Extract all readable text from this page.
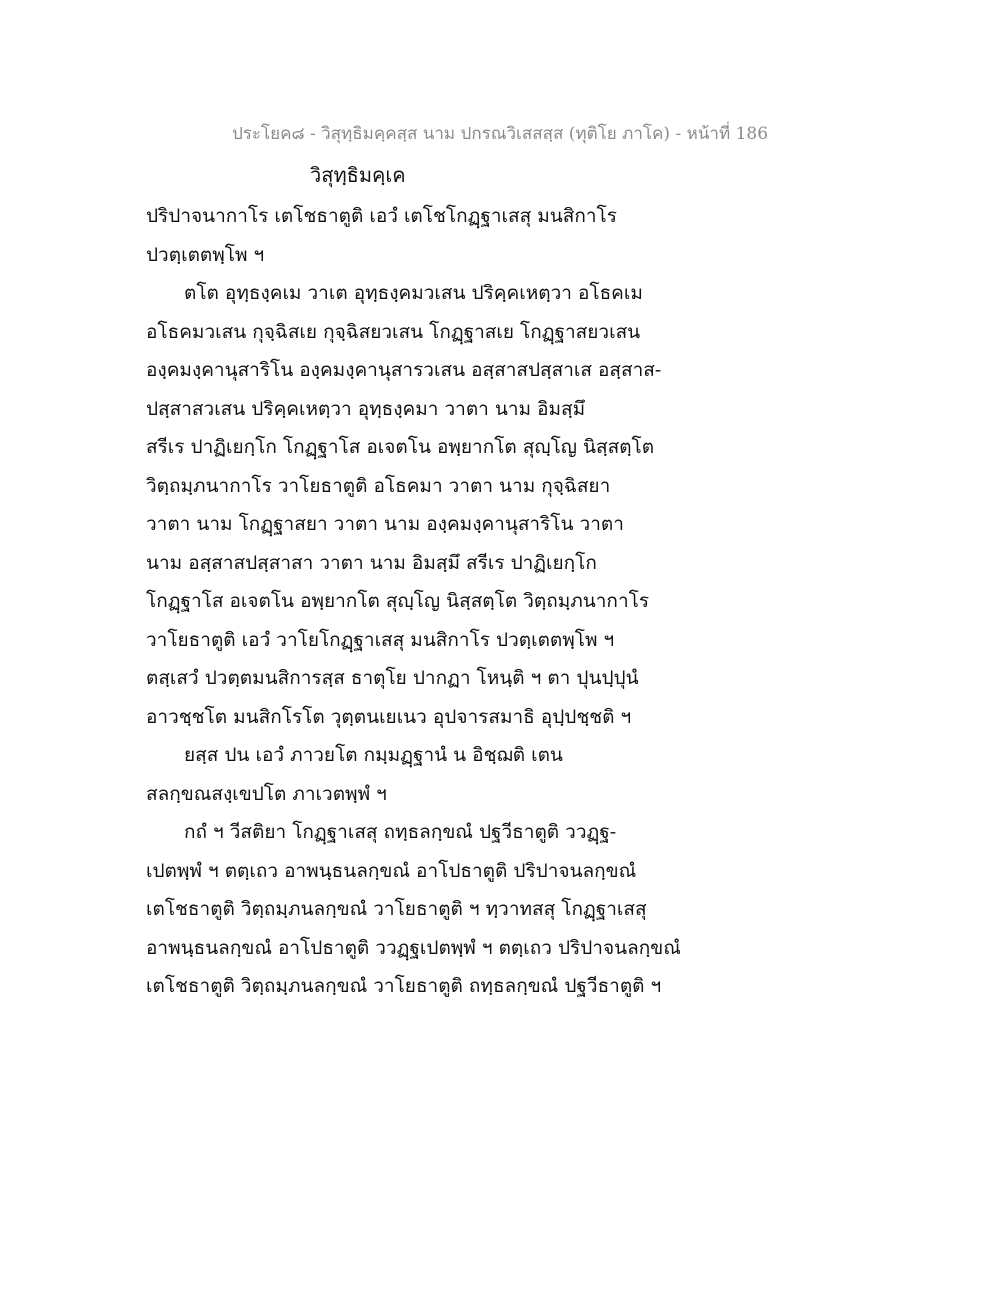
ประโยค๘ - วิสุทฺธิมคฺคสฺส นาม ปกรณวิเสสสฺส (ทุติโย ภาโค) - หน้าที่ 186
วิสุทฺธิมคฺเค
ปริปาจนากาโร เตโชธาตูติ เอวํ เตโชโกฏฺฐาเสสุ มนสิกาโร
ปวตฺเตตพฺโพ ฯ
ตโต อุทฺธงฺคเม วาเต อุทฺธงฺคมวเสน ปริคฺคเหตฺวา อโธคเม
อโธคมวเสน กุจฺฉิสเย กุจฺฉิสยวเสน โกฏฺฐาสเย โกฏฺฐาสยวเสน
องฺคมงฺคานุสาริโน องฺคมงฺคานุสารวเสน อสฺสาสปสฺสาเส อสฺสาส-
ปสฺสาสวเสน ปริคฺคเหตฺวา อุทฺธงฺคมา วาตา นาม อิมสฺมึ
สรีเร ปาฏิเยกฺโก โกฏฺฐาโส อเจตโน อพฺยากโต สุญฺโญ นิสฺสตฺโต
วิตฺถมฺภนากาโร วาโยธาตูติ อโธคมา วาตา นาม กุจฺฉิสยา
วาตา นาม โกฏฺฐาสยา วาตา นาม องฺคมงฺคานุสาริโน วาตา
นาม อสฺสาสปสฺสาสา วาตา นาม อิมสฺมึ สรีเร ปาฏิเยกฺโก
โกฏฺฐาโส อเจตโน อพฺยากโต สุญฺโญ นิสฺสตฺโต วิตฺถมฺภนากาโร
วาโยธาตูติ เอวํ วาโยโกฏฺฐาเสสุ มนสิกาโร ปวตฺเตตพฺโพ ฯ
ตสฺเสวํ ปวตฺตมนสิการสฺส ธาตุโย ปากฏา โหนฺติ ฯ ตา ปุนปฺปุนํ
อาวชฺชโต มนสิกโรโต วุตฺตนเยเนว อุปจารสมาธิ อุปฺปชฺชติ ฯ
ยสฺส ปน เอวํ ภาวยโต กมฺมฏฺฐานํ น อิชฺฌติ เตน
สลกฺขณสงฺเขปโต ภาเวตพฺพํ ฯ
กถํ ฯ วีสติยา โกฏฺฐาเสสุ ถทฺธลกฺขณํ ปฐวีธาตูติ ววฏฺฐ-
เปตพฺพํ ฯ ตตฺเถว อาพนฺธนลกฺขณํ อาโปธาตูติ ปริปาจนลกฺขณํ
เตโชธาตูติ วิตฺถมฺภนลกฺขณํ วาโยธาตูติ ฯ ทฺวาทสสุ โกฏฺฐาเสสุ
อาพนฺธนลกฺขณํ อาโปธาตูติ ววฏฺฐเปตพฺพํ ฯ ตตฺเถว ปริปาจนลกฺขณํ
เตโชธาตูติ วิตฺถมฺภนลกฺขณํ วาโยธาตูติ ถทฺธลกฺขณํ ปฐวีธาตูติ ฯ
